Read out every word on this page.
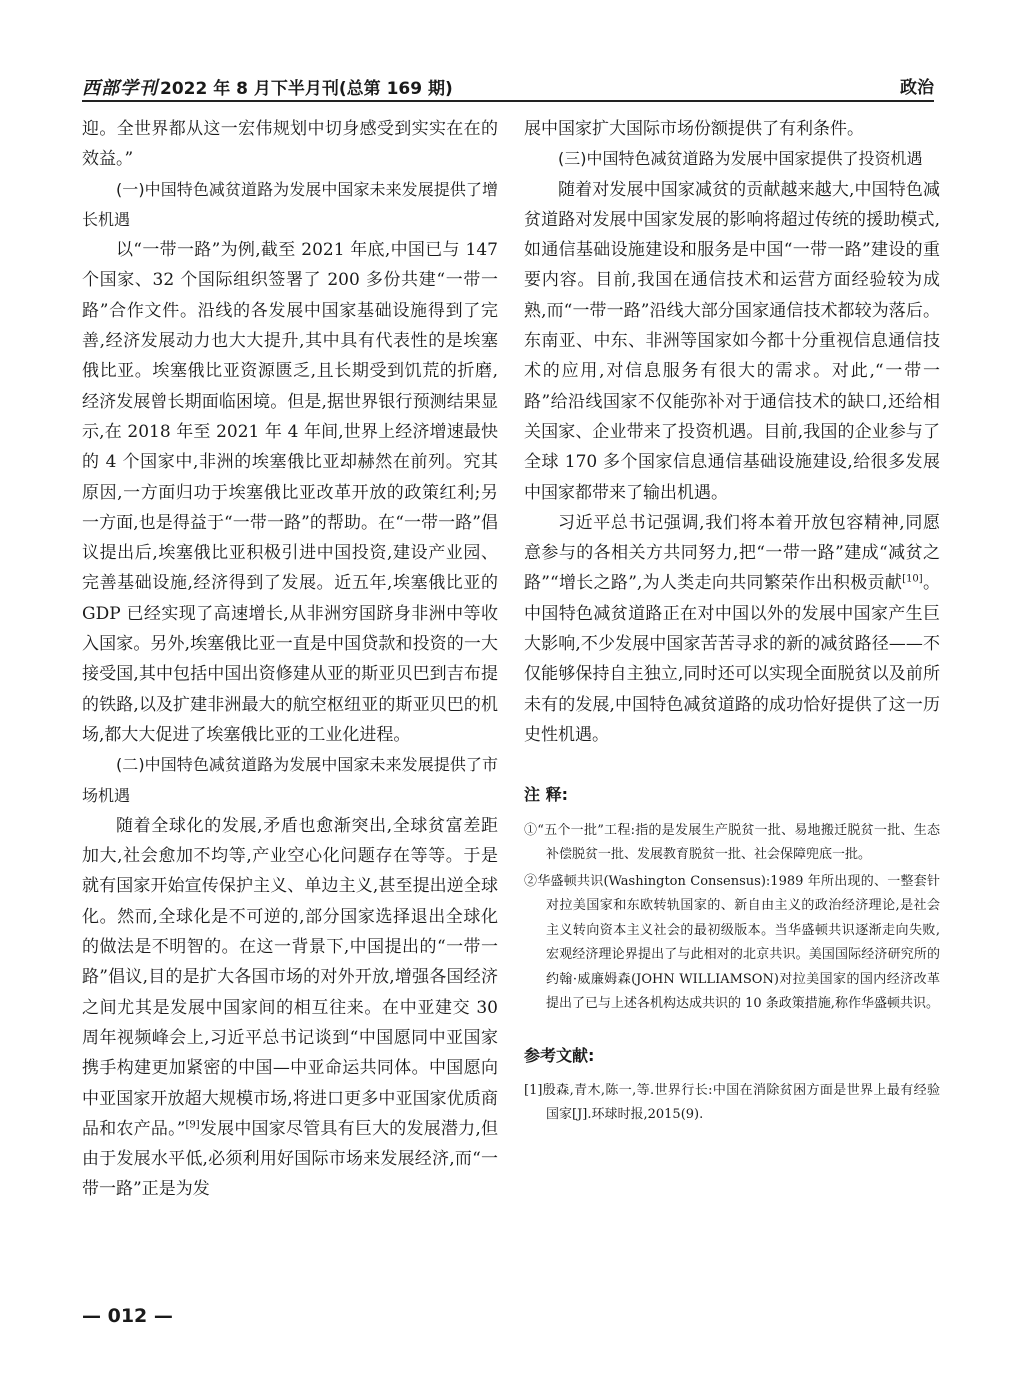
西部学刊 2022 年 8 月下半月刊(总第 169 期)	政治

迎。全世界都从这一宏伟规划中切身感受到实实在在的效益。”

(一)中国特色减贫道路为发展中国家未来发展提供了增长机遇

以“一带一路”为例,截至 2021 年底,中国已与 147 个国家、32 个国际组织签署了 200 多份共建“一带一路”合作文件。沿线的各发展中国家基础设施得到了完善,经济发展动力也大大提升,其中具有代表性的是埃塞俄比亚。埃塞俄比亚资源匮乏,且长期受到饥荒的折磨,经济发展曾长期面临困境。但是,据世界银行预测结果显示,在 2018 年至 2021 年 4 年间,世界上经济增速最快的 4 个国家中,非洲的埃塞俄比亚却赫然在前列。究其原因,一方面归功于埃塞俄比亚改革开放的政策红利;另一方面,也是得益于“一带一路”的帮助。在“一带一路”倡议提出后,埃塞俄比亚积极引进中国投资,建设产业园、完善基础设施,经济得到了发展。近五年,埃塞俄比亚的 GDP 已经实现了高速增长,从非洲穷国跻身非洲中等收入国家。另外,埃塞俄比亚一直是中国贷款和投资的一大接受国,其中包括中国出资修建从亚的斯亚贝巴到吉布提的铁路,以及扩建非洲最大的航空枢纽亚的斯亚贝巴的机场,都大大促进了埃塞俄比亚的工业化进程。

(二)中国特色减贫道路为发展中国家未来发展提供了市场机遇

随着全球化的发展,矛盾也愈渐突出,全球贫富差距加大,社会愈加不均等,产业空心化问题存在等等。于是就有国家开始宣传保护主义、单边主义,甚至提出逆全球化。然而,全球化是不可逆的,部分国家选择退出全球化的做法是不明智的。在这一背景下,中国提出的“一带一路”倡议,目的是扩大各国市场的对外开放,增强各国经济之间尤其是发展中国家间的相互往来。在中亚建交 30 周年视频峰会上,习近平总书记谈到“中国愿同中亚国家携手构建更加紧密的中国—中亚命运共同体。中国愿向中亚国家开放超大规模市场,将进口更多中亚国家优质商品和农产品。”[9]发展中国家尽管具有巨大的发展潜力,但由于发展水平低,必须利用好国际市场来发展经济,而“一带一路”正是为发

展中国家扩大国际市场份额提供了有利条件。

(三)中国特色减贫道路为发展中国家提供了投资机遇

随着对发展中国家减贫的贡献越来越大,中国特色减贫道路对发展中国家发展的影响将超过传统的援助模式,如通信基础设施建设和服务是中国“一带一路”建设的重要内容。目前,我国在通信技术和运营方面经验较为成熟,而“一带一路”沿线大部分国家通信技术都较为落后。东南亚、中东、非洲等国家如今都十分重视信息通信技术的应用,对信息服务有很大的需求。对此,“一带一路”给沿线国家不仅能弥补对于通信技术的缺口,还给相关国家、企业带来了投资机遇。目前,我国的企业参与了全球 170 多个国家信息通信基础设施建设,给很多发展中国家都带来了输出机遇。

习近平总书记强调,我们将本着开放包容精神,同愿意参与的各相关方共同努力,把“一带一路”建成“减贫之路”“增长之路”,为人类走向共同繁荣作出积极贡献[10]。中国特色减贫道路正在对中国以外的发展中国家产生巨大影响,不少发展中国家苦苦寻求的新的减贫路径——不仅能够保持自主独立,同时还可以实现全面脱贫以及前所未有的发展,中国特色减贫道路的成功恰好提供了这一历史性机遇。

注 释:

①“五个一批”工程:指的是发展生产脱贫一批、易地搬迁脱贫一批、生态补偿脱贫一批、发展教育脱贫一批、社会保障兜底一批。

②华盛顿共识(Washington Consensus):1989 年所出现的、一整套针对拉美国家和东欧转轨国家的、新自由主义的政治经济理论,是社会主义转向资本主义社会的最初级版本。当华盛顿共识逐渐走向失败,宏观经济理论界提出了与此相对的北京共识。美国国际经济研究所的约翰·威廉姆森(JOHN WILLIAMSON)对拉美国家的国内经济改革提出了已与上述各机构达成共识的 10 条政策措施,称作华盛顿共识。

参考文献:

[1]殷森,青木,陈一,等.世界行长:中国在消除贫困方面是世界上最有经验国家[J].环球时报,2015(9).

— 012 —
